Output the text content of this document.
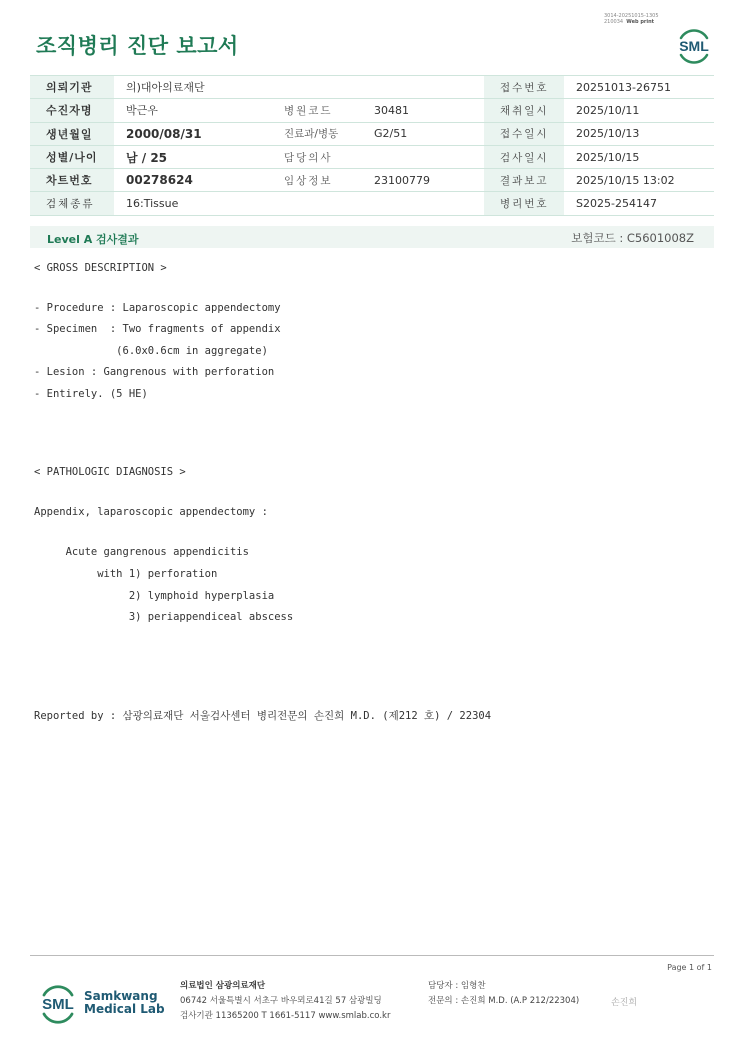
조직병리 진단 보고서
3014-20251015-1305
210034 Web print
SML
의뢰기관	의)대아의료재단			접수번호	20251013-26751
수진자명	박근우	병원코드	30481	채취일시	2025/10/11
생년월일	2000/08/31	진료과/병동	G2/51	접수일시	2025/10/13
성별/나이	남 / 25	담당의사		검사일시	2025/10/15
차트번호	00278624	임상정보	23100779	결과보고	2025/10/15 13:02
검체종류	16:Tissue			병리번호	S2025-254147
Level A 검사결과	보험코드 : C5601008Z
< GROSS DESCRIPTION >
- Procedure : Laparoscopic appendectomy
- Specimen  : Two fragments of appendix
(6.0x0.6cm in aggregate)
- Lesion : Gangrenous with perforation
- Entirely. (5 HE)
< PATHOLOGIC DIAGNOSIS >
Appendix, laparoscopic appendectomy :
Acute gangrenous appendicitis
with 1) perforation
2) lymphoid hyperplasia
3) periappendiceal abscess
Reported by : 삼광의료재단 서울검사센터 병리전문의 손진희 M.D. (제212 호) / 22304
Page 1 of 1
SML Samkwang
Medical Lab
의료법인 삼광의료재단
06742 서울특별시 서초구 바우뫼로41길 57 삼광빌딩
검사기관 11365200 T 1661-5117 www.smlab.co.kr
담당자 : 임형찬
전문의 : 손진희 M.D. (A.P 212/22304)	손진희
